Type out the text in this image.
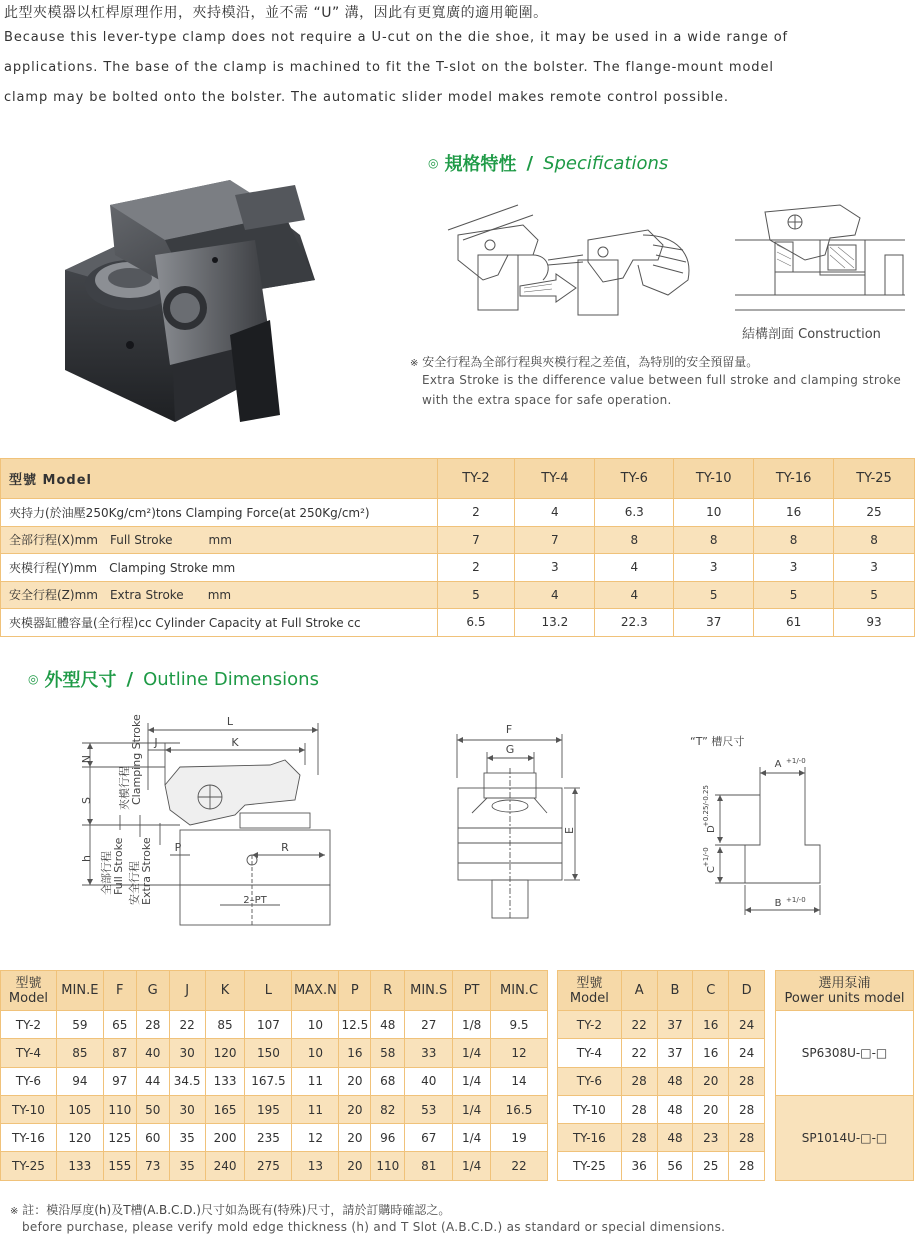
此型夾模器以杠桿原理作用，夾持模沿，並不需 “U” 溝，因此有更寬廣的適用範圍。
Because this lever-type clamp does not require a U-cut on the die shoe, it may be used in a wide range of
applications. The base of the clamp is machined to fit the T-slot on the bolster. The flange-mount model
clamp may be bolted onto the bolster. The automatic slider model makes remote control possible.
◎ 規格特性 / Specifications
結構剖面 Construction
※ 安全行程為全部行程與夾模行程之差值，為特別的安全預留量。
Extra Stroke is the difference value between full stroke and clamping stroke
with the extra space for safe operation.
型號 Model	TY-2	TY-4	TY-6	TY-10	TY-16	TY-25
夾持力(於油壓250Kg/cm²)tons Clamping Force(at 250Kg/cm²)	2	4	6.3	10	16	25
全部行程(X)mm　Full Stroke　　　mm	7	7	8	8	8	8
夾模行程(Y)mm　Clamping Stroke mm	2	3	4	3	3	3
安全行程(Z)mm　Extra Stroke　　mm	5	4	4	5	5	5
夾模器缸體容量(全行程)cc Cylinder Capacity at Full Stroke cc	6.5	13.2	22.3	37	61	93
◎ 外型尺寸 / Outline Dimensions
L
K
J
N
S
h
P	R
2–PT
夾模行程 Clamping Stroke
全部行程 Full Stroke 安全行程 Extra Stroke
F
G
E
“T” 槽尺寸
A +1/-0
B +1/-0
D
+0.25/-0.25
C
+1/-0
型號
Model	MIN.E	F	G	J	K	L	MAX.N	P	R	MIN.S	PT	MIN.C
TY-2	59	65	28	22	85	107	10	12.5	48	27	1/8	9.5
TY-4	85	87	40	30	120	150	10	16	58	33	1/4	12
TY-6	94	97	44	34.5	133	167.5	11	20	68	40	1/4	14
TY-10	105	110	50	30	165	195	11	20	82	53	1/4	16.5
TY-16	120	125	60	35	200	235	12	20	96	67	1/4	19
TY-25	133	155	73	35	240	275	13	20	110	81	1/4	22
型號
Model	A	B	C	D
TY-2	22	37	16	24
TY-4	22	37	16	24
TY-6	28	48	20	28
TY-10	28	48	20	28
TY-16	28	48	23	28
TY-25	36	56	25	28
選用泵浦
Power units model
SP6308U-□-□
SP1014U-□-□
※ 註：模沿厚度(h)及T槽(A.B.C.D.)尺寸如為既有(特殊)尺寸，請於訂購時確認之。
before purchase, please verify mold edge thickness (h) and T Slot (A.B.C.D.) as standard or special dimensions.
